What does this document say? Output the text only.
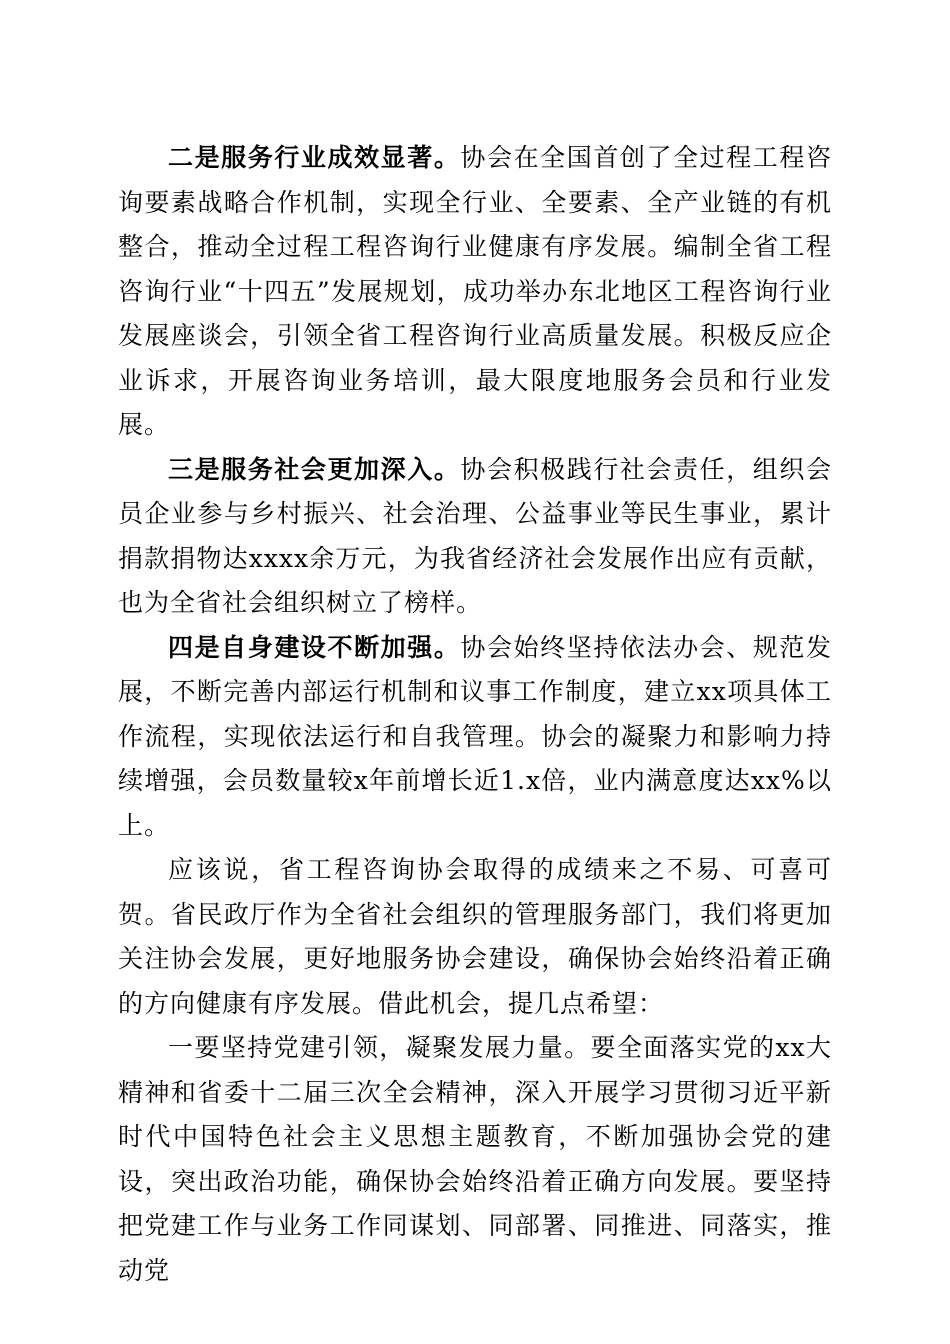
二是服务行业成效显著。协会在全国首创了全过程工程咨询要素战略合作机制，实现全行业、全要素、全产业链的有机整合，推动全过程工程咨询行业健康有序发展。编制全省工程咨询行业“十四五”发展规划，成功举办东北地区工程咨询行业发展座谈会，引领全省工程咨询行业高质量发展。积极反应企业诉求，开展咨询业务培训，最大限度地服务会员和行业发展。

三是服务社会更加深入。协会积极践行社会责任，组织会员企业参与乡村振兴、社会治理、公益事业等民生事业，累计捐款捐物达xxxx余万元，为我省经济社会发展作出应有贡献，也为全省社会组织树立了榜样。

四是自身建设不断加强。协会始终坚持依法办会、规范发展，不断完善内部运行机制和议事工作制度，建立xx项具体工作流程，实现依法运行和自我管理。协会的凝聚力和影响力持续增强，会员数量较x年前增长近1.x倍，业内满意度达xx%以上。

应该说，省工程咨询协会取得的成绩来之不易、可喜可贺。省民政厅作为全省社会组织的管理服务部门，我们将更加关注协会发展，更好地服务协会建设，确保协会始终沿着正确的方向健康有序发展。借此机会，提几点希望：

一要坚持党建引领，凝聚发展力量。要全面落实党的xx大精神和省委十二届三次全会精神，深入开展学习贯彻习近平新时代中国特色社会主义思想主题教育，不断加强协会党的建设，突出政治功能，确保协会始终沿着正确方向发展。要坚持把党建工作与业务工作同谋划、同部署、同推进、同落实，推动党
